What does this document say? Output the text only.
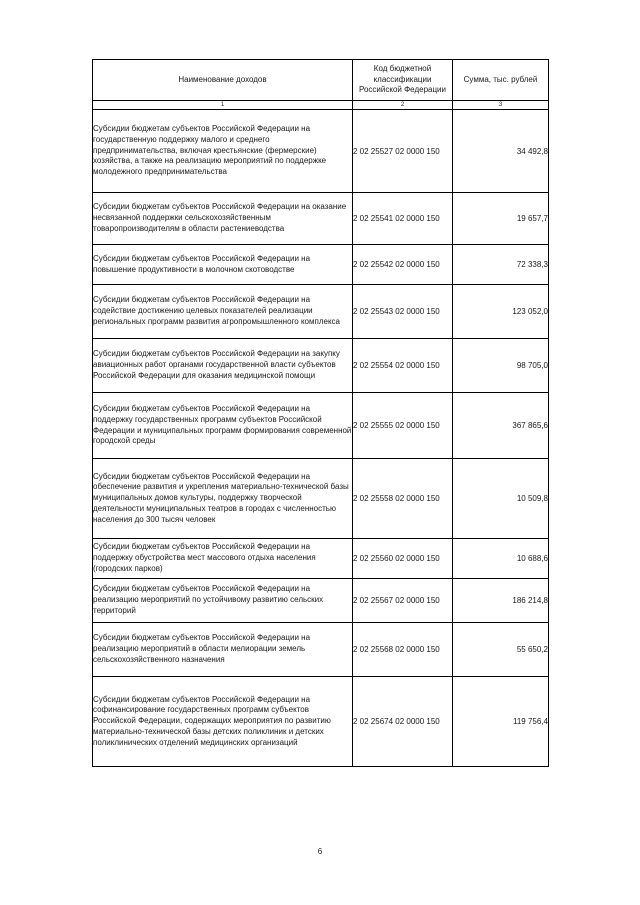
Наименование доходов	Код бюджетной классификации Российской Федерации	Сумма, тыс. рублей
1	2	3
Субсидии бюджетам субъектов Российской Федерации на государственную поддержку малого и среднего предпринимательства, включая крестьянские (фермерские) хозяйства, а также на реализацию мероприятий по поддержке молодежного предпринимательства	2 02 25527 02 0000 150	34 492,8
Субсидии бюджетам субъектов Российской Федерации на оказание несвязанной поддержки сельскохозяйственным товаропроизводителям в области растениеводства	2 02 25541 02 0000 150	19 657,7
Субсидии бюджетам субъектов Российской Федерации на повышение продуктивности в молочном скотоводстве	2 02 25542 02 0000 150	72 338,3
Субсидии бюджетам субъектов Российской Федерации на содействие достижению целевых показателей реализации региональных программ развития агропромышленного комплекса	2 02 25543 02 0000 150	123 052,0
Субсидии бюджетам субъектов Российской Федерации на закупку авиационных работ органами государственной власти субъектов Российской Федерации для оказания медицинской помощи	2 02 25554 02 0000 150	98 705,0
Субсидии бюджетам субъектов Российской Федерации на поддержку государственных программ субъектов Российской Федерации и муниципальных программ формирования современной городской среды	2 02 25555 02 0000 150	367 865,6
Субсидии бюджетам субъектов Российской Федерации на обеспечение развития и укрепления материально-технической базы муниципальных домов культуры, поддержку творческой деятельности муниципальных театров в городах с численностью населения до 300 тысяч человек	2 02 25558 02 0000 150	10 509,8
Субсидии бюджетам субъектов Российской Федерации на поддержку обустройства мест массового отдыха населения (городских парков)	2 02 25560 02 0000 150	10 688,6
Субсидии бюджетам субъектов Российской Федерации на реализацию мероприятий по устойчивому развитию сельских территорий	2 02 25567 02 0000 150	186 214,8
Субсидии бюджетам субъектов Российской Федерации на реализацию мероприятий в области мелиорации земель сельскохозяйственного назначения	2 02 25568 02 0000 150	55 650,2
Субсидии бюджетам субъектов Российской Федерации на софинансирование государственных программ субъектов Российской Федерации, содержащих мероприятия по развитию материально-технической базы детских поликлиник и детских поликлинических отделений медицинских организаций	2 02 25674 02 0000 150	119 756,4
6
